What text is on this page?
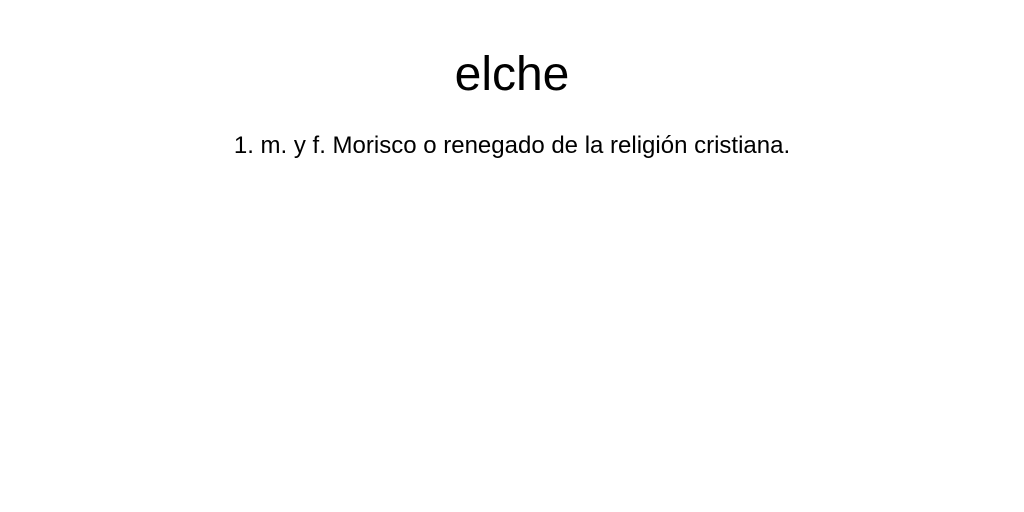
elche

1. m. y f. Morisco o renegado de la religión cristiana.
